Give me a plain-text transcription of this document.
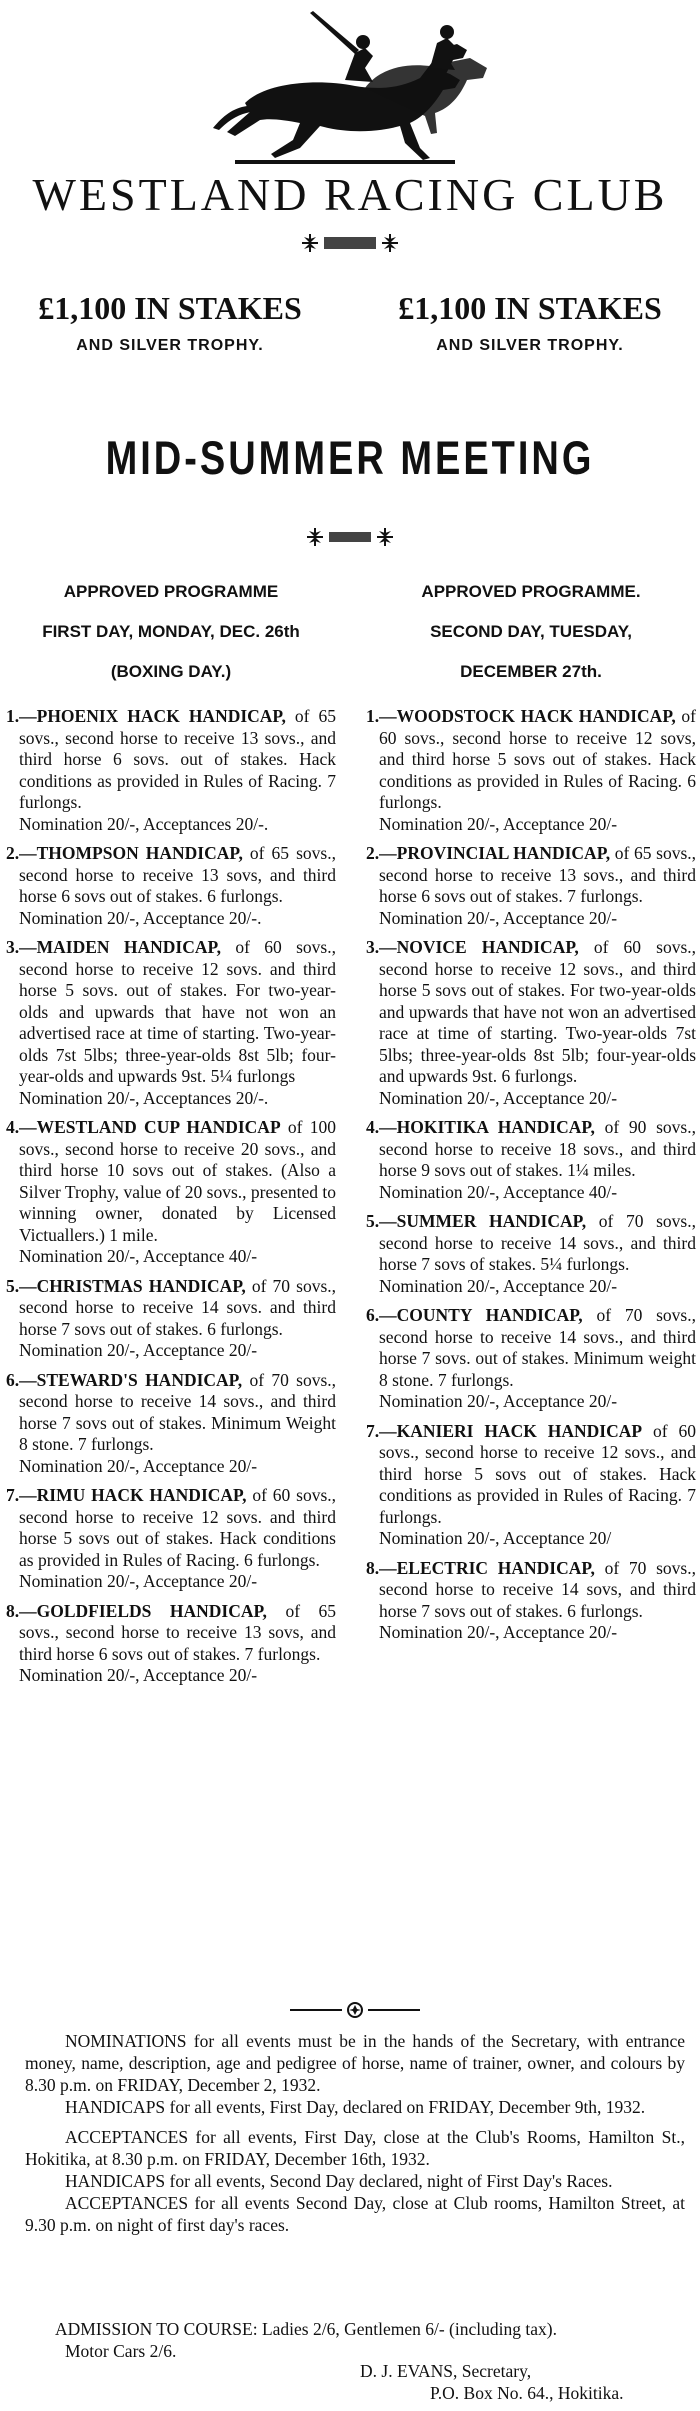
WESTLAND RACING CLUB
£1,100 IN STAKES
AND SILVER TROPHY.
£1,100 IN STAKES
AND SILVER TROPHY.
MID-SUMMER MEETING
APPROVED PROGRAMME
FIRST DAY, MONDAY, DEC. 26th
(BOXING DAY.)
1.—PHOENIX HACK HANDICAP, of 65 sovs., second horse to receive 13 sovs., and third horse 6 sovs. out of stakes. Hack conditions as provided in Rules of Racing. 7 furlongs.
Nomination 20/-, Acceptances 20/-.
2.—THOMPSON HANDICAP, of 65 sovs., second horse to receive 13 sovs, and third horse 6 sovs out of stakes. 6 furlongs.
Nomination 20/-, Acceptance 20/-.
3.—MAIDEN HANDICAP, of 60 sovs., second horse to receive 12 sovs. and third horse 5 sovs. out of stakes. For two-year-olds and upwards that have not won an advertised race at time of starting. Two-year-olds 7st 5lbs; three-year-olds 8st 5lb; four-year-olds and upwards 9st. 5¼ furlongs
Nomination 20/-, Acceptances 20/-.
4.—WESTLAND CUP HANDICAP of 100 sovs., second horse to receive 20 sovs., and third horse 10 sovs out of stakes. (Also a Silver Trophy, value of 20 sovs., presented to winning owner, donated by Licensed Victuallers.) 1 mile.
Nomination 20/-, Acceptance 40/-
5.—CHRISTMAS HANDICAP, of 70 sovs., second horse to receive 14 sovs. and third horse 7 sovs out of stakes. 6 furlongs.
Nomination 20/-, Acceptance 20/-
6.—STEWARD'S HANDICAP, of 70 sovs., second horse to receive 14 sovs., and third horse 7 sovs out of stakes. Minimum Weight 8 stone. 7 furlongs.
Nomination 20/-, Acceptance 20/-
7.—RIMU HACK HANDICAP, of 60 sovs., second horse to receive 12 sovs. and third horse 5 sovs out of stakes. Hack conditions as provided in Rules of Racing. 6 furlongs.
Nomination 20/-, Acceptance 20/-
8.—GOLDFIELDS HANDICAP, of 65 sovs., second horse to receive 13 sovs, and third horse 6 sovs out of stakes. 7 furlongs.
Nomination 20/-, Acceptance 20/-
APPROVED PROGRAMME.
SECOND DAY, TUESDAY,
DECEMBER 27th.
1.—WOODSTOCK HACK HANDICAP, of 60 sovs., second horse to receive 12 sovs, and third horse 5 sovs out of stakes. Hack conditions as provided in Rules of Racing. 6 furlongs.
Nomination 20/-, Acceptance 20/-
2.—PROVINCIAL HANDICAP, of 65 sovs., second horse to receive 13 sovs., and third horse 6 sovs out of stakes. 7 furlongs.
Nomination 20/-, Acceptance 20/-
3.—NOVICE HANDICAP, of 60 sovs., second horse to receive 12 sovs., and third horse 5 sovs out of stakes. For two-year-olds and upwards that have not won an advertised race at time of starting. Two-year-olds 7st 5lbs; three-year-olds 8st 5lb; four-year-olds and upwards 9st. 6 furlongs.
Nomination 20/-, Acceptance 20/-
4.—HOKITIKA HANDICAP, of 90 sovs., second horse to receive 18 sovs., and third horse 9 sovs out of stakes. 1¼ miles.
Nomination 20/-, Acceptance 40/-
5.—SUMMER HANDICAP, of 70 sovs., second horse to receive 14 sovs., and third horse 7 sovs of stakes. 5¼ furlongs.
Nomination 20/-, Acceptance 20/-
6.—COUNTY HANDICAP, of 70 sovs., second horse to receive 14 sovs., and third horse 7 sovs. out of stakes. Minimum weight 8 stone. 7 furlongs.
Nomination 20/-, Acceptance 20/-
7.—KANIERI HACK HANDICAP of 60 sovs., second horse to receive 12 sovs., and third horse 5 sovs out of stakes. Hack conditions as provided in Rules of Racing. 7 furlongs.
Nomination 20/-, Acceptance 20/
8.—ELECTRIC HANDICAP, of 70 sovs., second horse to receive 14 sovs, and third horse 7 sovs out of stakes. 6 furlongs.
Nomination 20/-, Acceptance 20/-

NOMINATIONS for all events must be in the hands of the Secretary, with entrance money, name, description, age and pedigree of horse, name of trainer, owner, and colours by 8.30 p.m. on FRIDAY, December 2, 1932.

HANDICAPS for all events, First Day, declared on FRIDAY, December 9th, 1932.

ACCEPTANCES for all events, First Day, close at the Club's Rooms, Hamilton St., Hokitika, at 8.30 p.m. on FRIDAY, December 16th, 1932.

HANDICAPS for all events, Second Day declared, night of First Day's Races.

ACCEPTANCES for all events Second Day, close at Club rooms, Hamilton Street, at 9.30 p.m. on night of first day's races.

ADMISSION TO COURSE: Ladies 2/6, Gentlemen 6/- (including tax).
Motor Cars 2/6.
D. J. EVANS, Secretary,
P.O. Box No. 64., Hokitika.
